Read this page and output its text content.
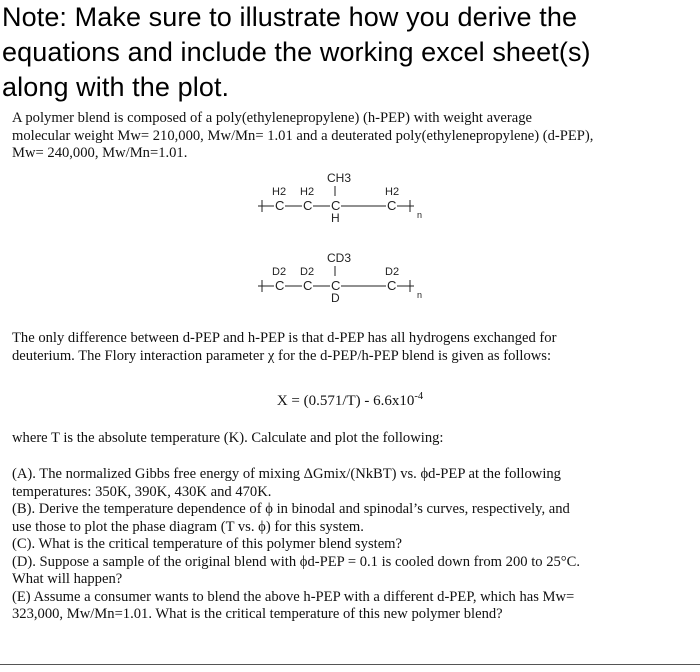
Note: Make sure to illustrate how you derive the
equations and include the working excel sheet(s)
along with the plot.

A polymer blend is composed of a poly(ethylenepropylene) (h-PEP) with weight average

molecular weight Mw= 210,000, Mw/Mn= 1.01 and a deuterated poly(ethylenepropylene) (d-PEP),

Mw= 240,000, Mw/Mn=1.01.

C C C	C
CH3
H2 H2	H2
H	n
C C C	C
CD3
D2 D2	D2
D	n

The only difference between d-PEP and h-PEP is that d-PEP has all hydrogens exchanged for

deuterium. The Flory interaction parameter χ for the d-PEP/h-PEP blend is given as follows:

$X = (0.571/T) - 6.6x10^{-4}$

where T is the absolute temperature (K). Calculate and plot the following:

(A). The normalized Gibbs free energy of mixing ΔGmix/(NkBT) vs. ϕd-PEP at the following

temperatures: 350K, 390K, 430K and 470K.

(B). Derive the temperature dependence of ϕ in binodal and spinodal’s curves, respectively, and

use those to plot the phase diagram (T vs. ϕ) for this system.

(C). What is the critical temperature of this polymer blend system?

(D). Suppose a sample of the original blend with ϕd-PEP = 0.1 is cooled down from 200 to 25°C.

What will happen?

(E) Assume a consumer wants to blend the above h-PEP with a different d-PEP, which has Mw=

323,000, Mw/Mn=1.01. What is the critical temperature of this new polymer blend?
